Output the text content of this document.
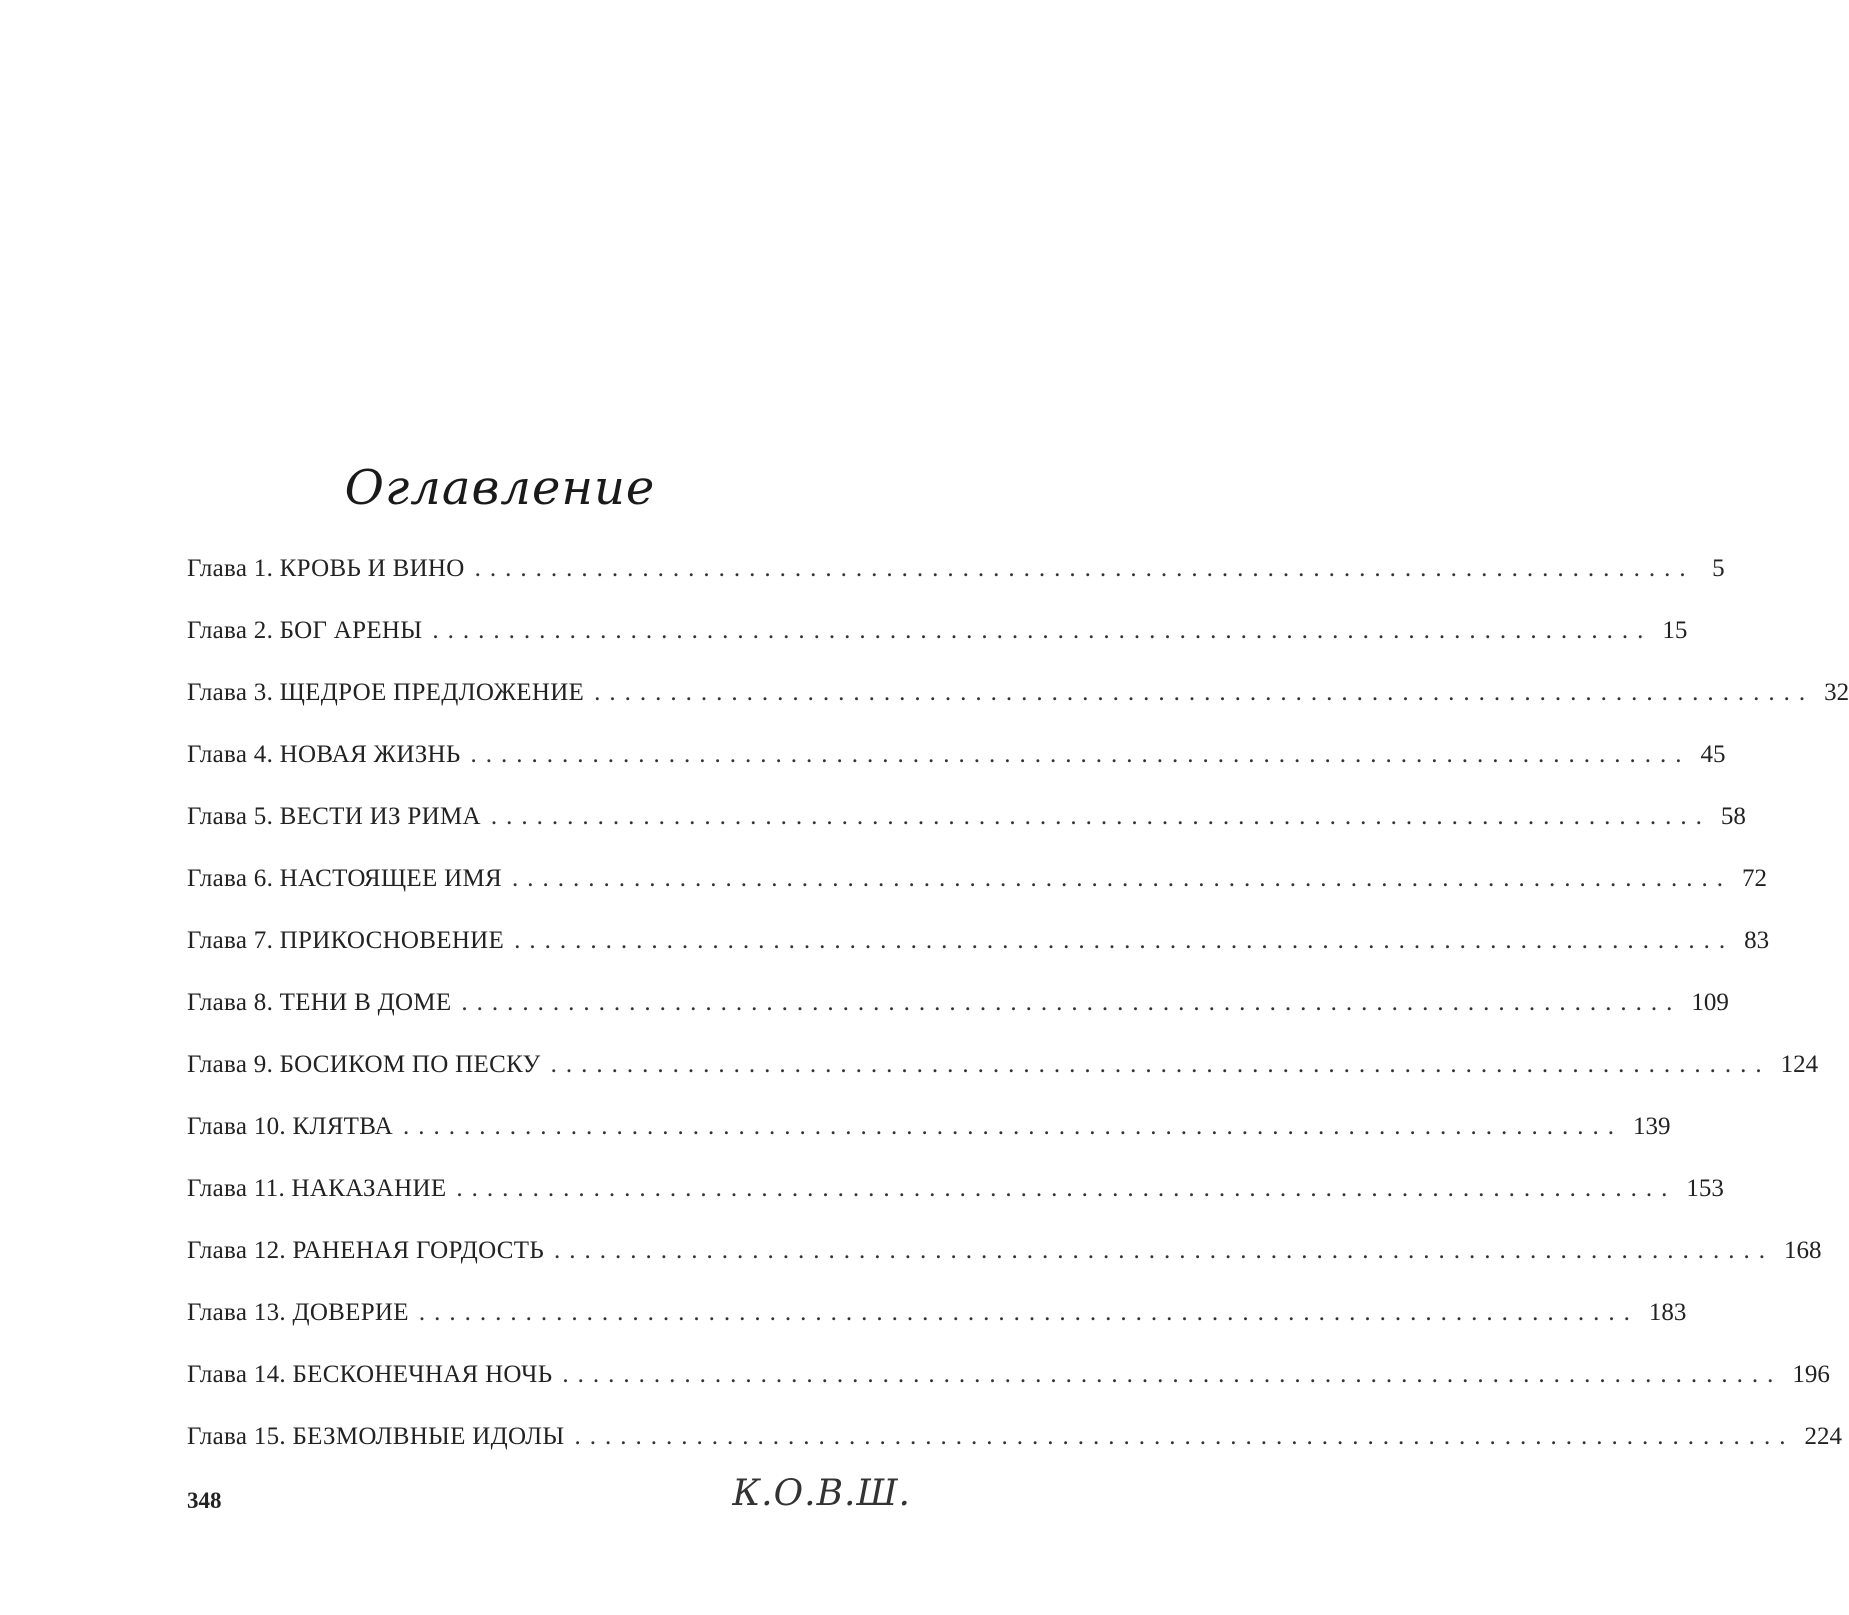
Оглавление
Глава 1. КРОВЬ И ВИНО ................................................................................ 5
Глава 2. БОГ АРЕНЫ ................................................................................ 15
Глава 3. ЩЕДРОЕ ПРЕДЛОЖЕНИЕ ................................................................................ 32
Глава 4. НОВАЯ ЖИЗНЬ ................................................................................ 45
Глава 5. ВЕСТИ ИЗ РИМА ................................................................................ 58
Глава 6. НАСТОЯЩЕЕ ИМЯ ................................................................................ 72
Глава 7. ПРИКОСНОВЕНИЕ ................................................................................ 83
Глава 8. ТЕНИ В ДОМЕ ................................................................................ 109
Глава 9. БОСИКОМ ПО ПЕСКУ ................................................................................ 124
Глава 10. КЛЯТВА ................................................................................ 139
Глава 11. НАКАЗАНИЕ ................................................................................ 153
Глава 12. РАНЕНАЯ ГОРДОСТЬ ................................................................................ 168
Глава 13. ДОВЕРИЕ ................................................................................ 183
Глава 14. БЕСКОНЕЧНАЯ НОЧЬ ................................................................................ 196
Глава 15. БЕЗМОЛВНЫЕ ИДОЛЫ ................................................................................ 224
348	К.О.В.Ш.
